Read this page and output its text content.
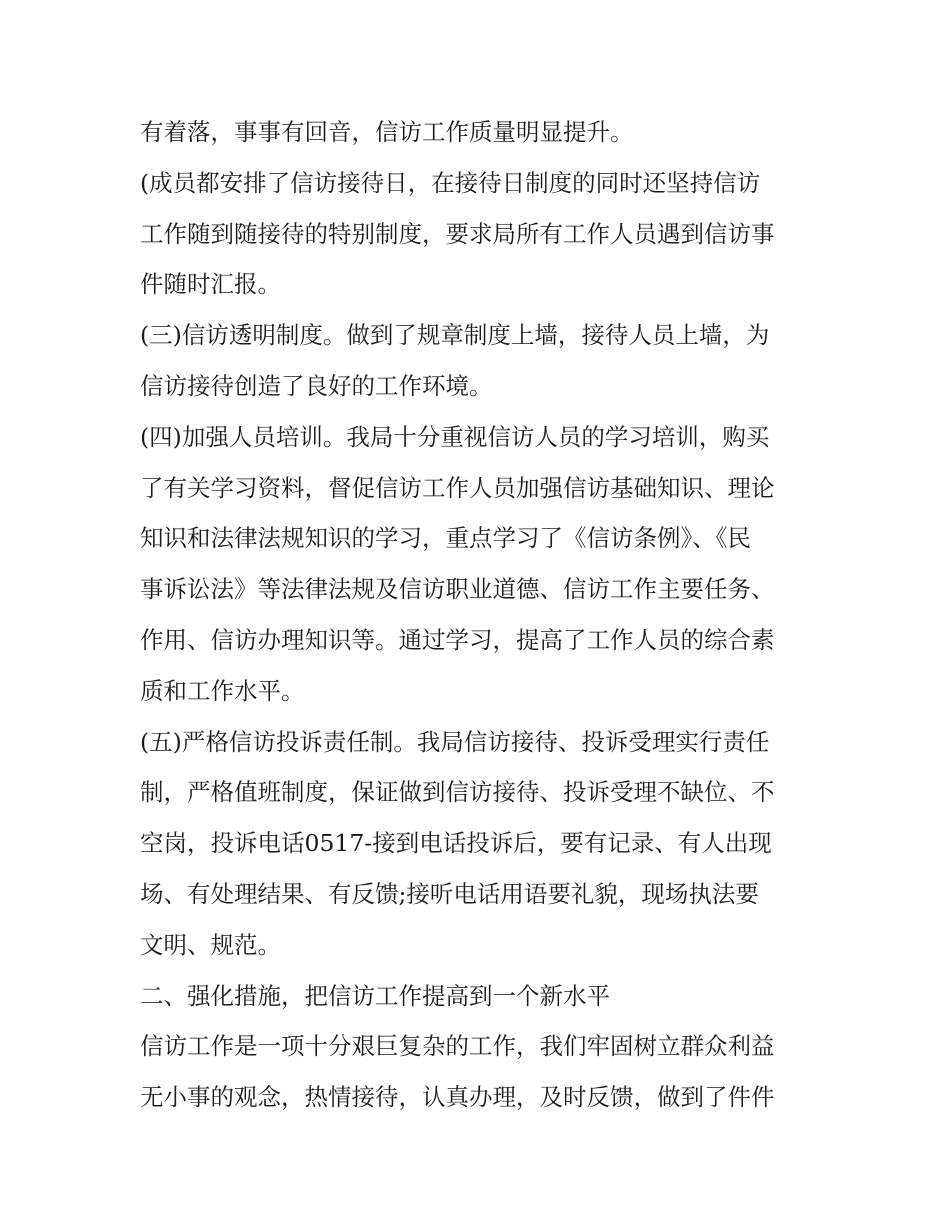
有着落，事事有回音，信访工作质量明显提升。
(成员都安排了信访接待日，在接待日制度的同时还坚持信访
工作随到随接待的特别制度，要求局所有工作人员遇到信访事
件随时汇报。
(三)信访透明制度。做到了规章制度上墙，接待人员上墙，为
信访接待创造了良好的工作环境。
(四)加强人员培训。我局十分重视信访人员的学习培训，购买
了有关学习资料，督促信访工作人员加强信访基础知识、理论
知识和法律法规知识的学习，重点学习了《信访条例》、《民
事诉讼法》等法律法规及信访职业道德、信访工作主要任务、
作用、信访办理知识等。通过学习，提高了工作人员的综合素
质和工作水平。
(五)严格信访投诉责任制。我局信访接待、投诉受理实行责任
制，严格值班制度，保证做到信访接待、投诉受理不缺位、不
空岗，投诉电话0517-接到电话投诉后，要有记录、有人出现
场、有处理结果、有反馈;接听电话用语要礼貌，现场执法要
文明、规范。
二、强化措施，把信访工作提高到一个新水平
信访工作是一项十分艰巨复杂的工作，我们牢固树立群众利益
无小事的观念，热情接待，认真办理，及时反馈，做到了件件
